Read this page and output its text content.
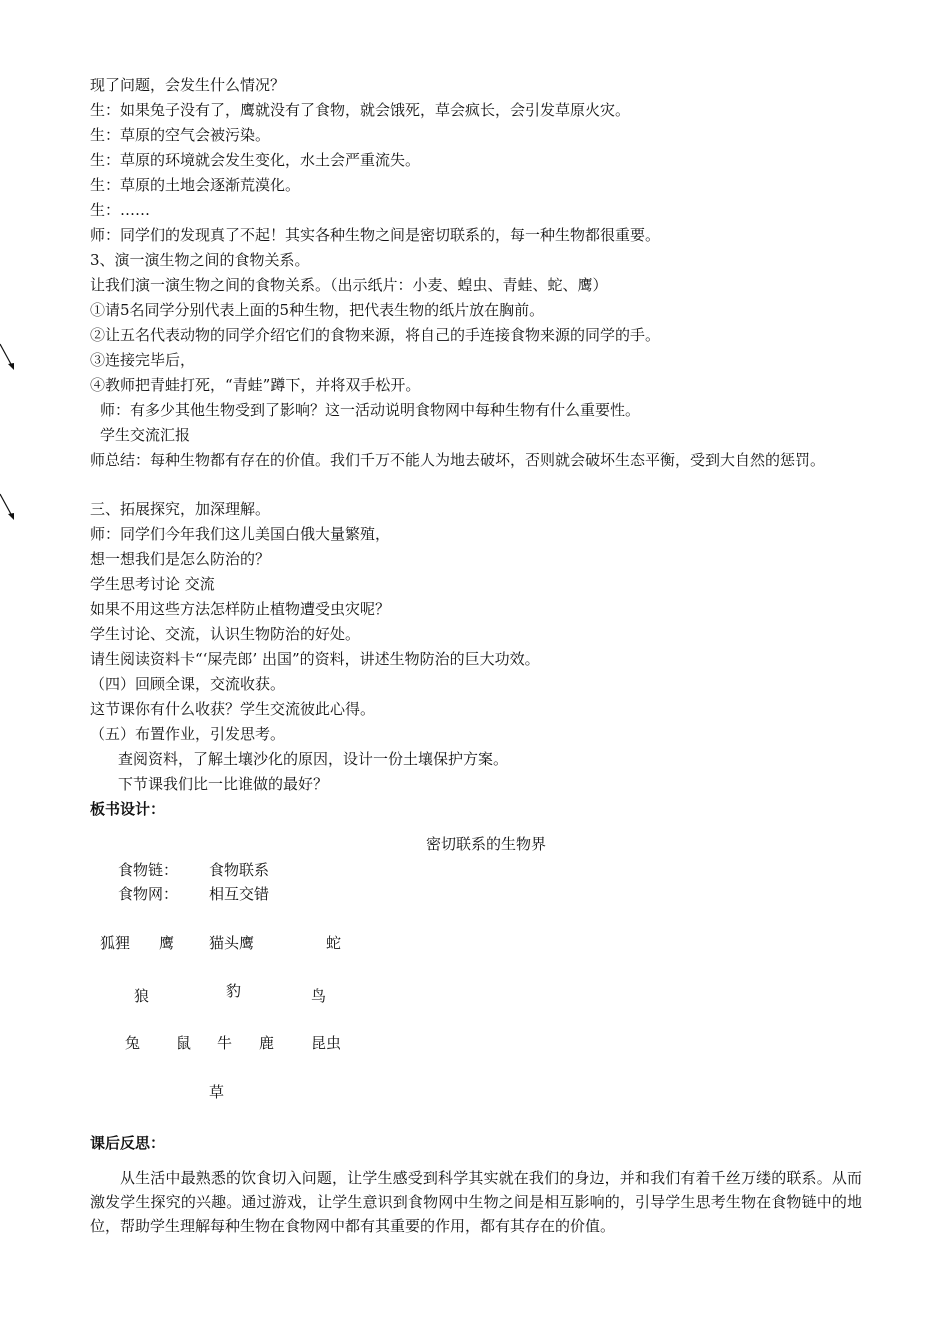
现了问题，会发生什么情况？
生：如果兔子没有了，鹰就没有了食物，就会饿死，草会疯长，会引发草原火灾。
生：草原的空气会被污染。
生：草原的环境就会发生变化，水土会严重流失。
生：草原的土地会逐渐荒漠化。
生：……
师：同学们的发现真了不起！其实各种生物之间是密切联系的，每一种生物都很重要。
3、演一演生物之间的食物关系。
让我们演一演生物之间的食物关系。（出示纸片：小麦、蝗虫、青蛙、蛇、鹰）
①请5名同学分别代表上面的5种生物，把代表生物的纸片放在胸前。
②让五名代表动物的同学介绍它们的食物来源，将自己的手连接食物来源的同学的手。
③连接完毕后，
④教师把青蛙打死，“青蛙”蹲下，并将双手松开。
师：有多少其他生物受到了影响？这一活动说明食物网中每种生物有什么重要性。
学生交流汇报
师总结：每种生物都有存在的价值。我们千万不能人为地去破坏，否则就会破坏生态平衡，受到大自然的惩罚。
三、拓展探究，加深理解。
师：同学们今年我们这儿美国白俄大量繁殖，
想一想我们是怎么防治的？
学生思考讨论 交流
如果不用这些方法怎样防止植物遭受虫灾呢？
学生讨论、交流，认识生物防治的好处。
请生阅读资料卡“‘屎壳郎’ 出国”的资料，讲述生物防治的巨大功效。
（四）回顾全课，交流收获。
这节课你有什么收获？学生交流彼此心得。
（五）布置作业，引发思考。
查阅资料，了解土壤沙化的原因，设计一份土壤保护方案。
下节课我们比一比谁做的最好？
板书设计：
密切联系的生物界
食物链： 食物联系
食物网： 相互交错
狐狸 鹰 猫头鹰	蛇
狼	豹	鸟
兔 鼠 牛 鹿 昆虫
草
课后反思：
从生活中最熟悉的饮食切入问题，让学生感受到科学其实就在我们的身边，并和我们有着千丝万缕的联系。从而激发学生探究的兴趣。通过游戏，让学生意识到食物网中生物之间是相互影响的，引导学生思考生物在食物链中的地位，帮助学生理解每种生物在食物网中都有其重要的作用，都有其存在的价值。
